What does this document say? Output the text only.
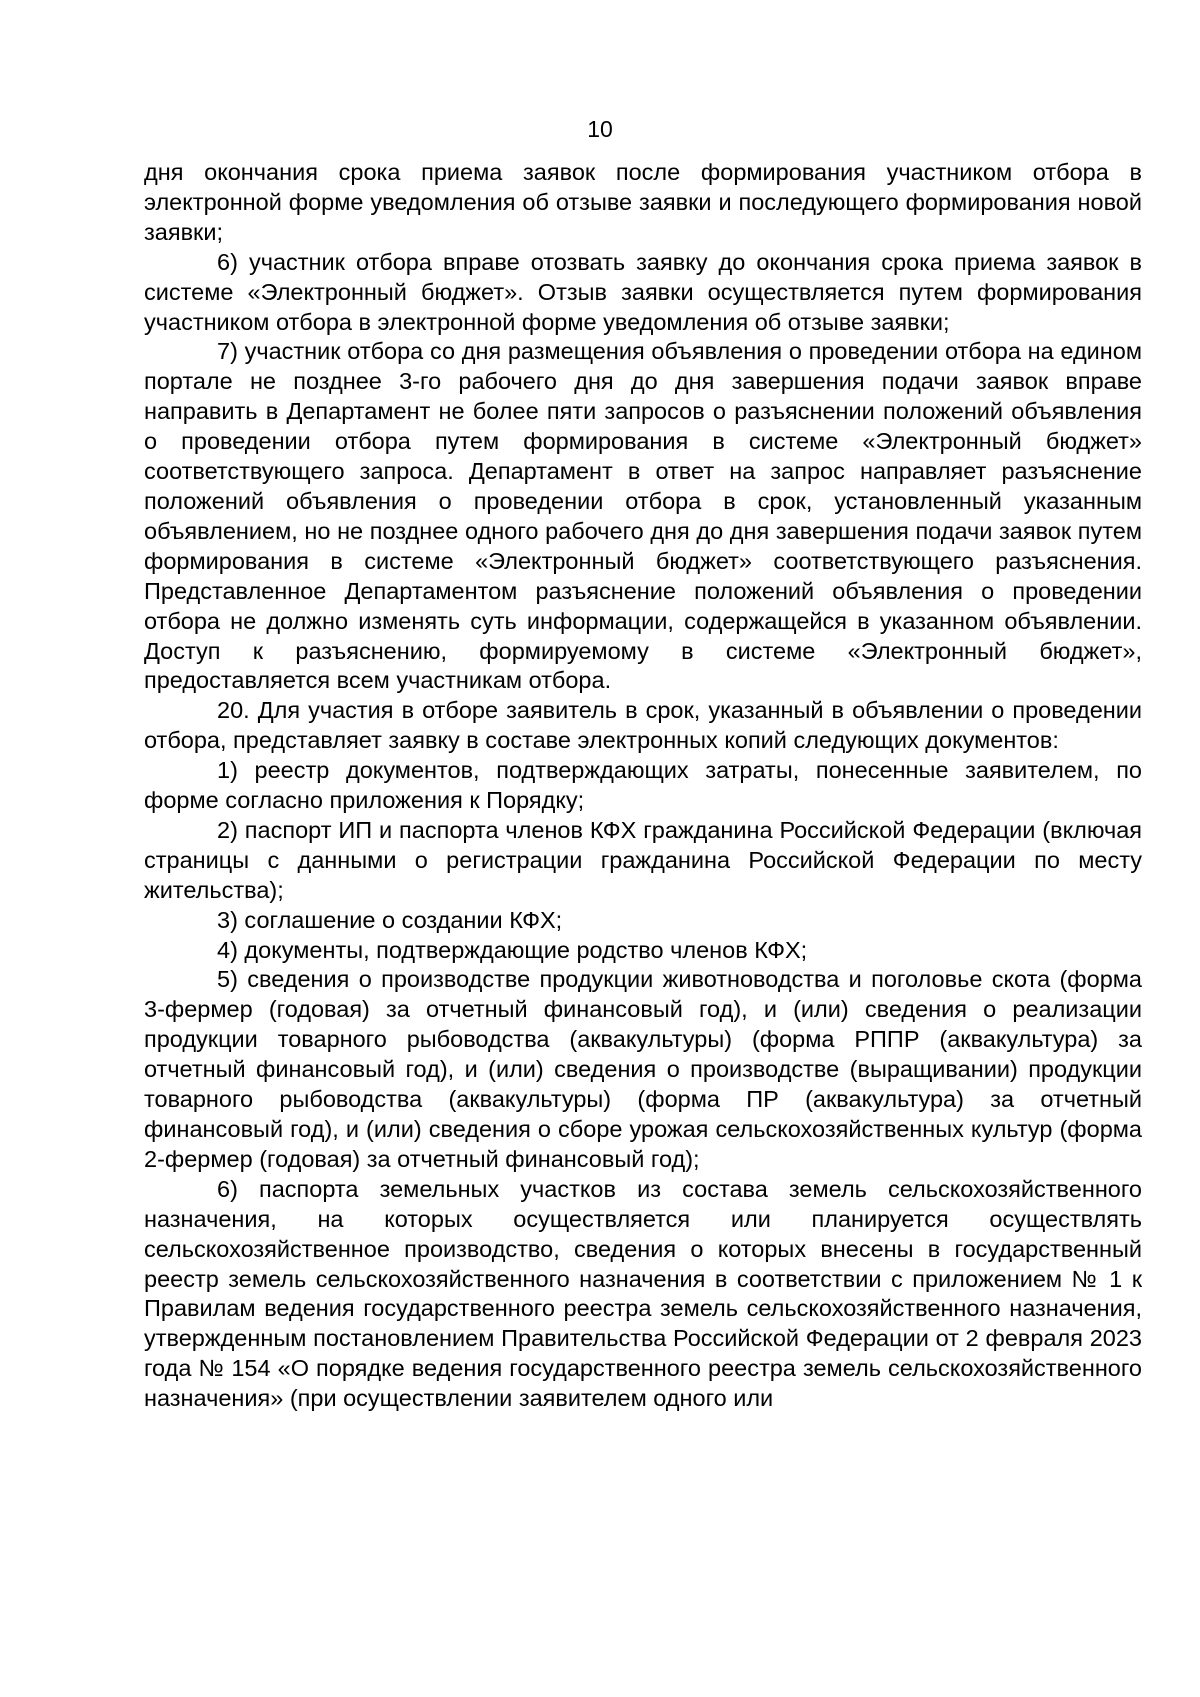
10

дня окончания срока приема заявок после формирования участником отбора в электронной форме уведомления об отзыве заявки и последующего формирования новой заявки;

6) участник отбора вправе отозвать заявку до окончания срока приема заявок в системе «Электронный бюджет». Отзыв заявки осуществляется путем формирования участником отбора в электронной форме уведомления об отзыве заявки;

7) участник отбора со дня размещения объявления о проведении отбора на едином портале не позднее 3-го рабочего дня до дня завершения подачи заявок вправе направить в Департамент не более пяти запросов о разъяснении положений объявления о проведении отбора путем формирования в системе «Электронный бюджет» соответствующего запроса. Департамент в ответ на запрос направляет разъяснение положений объявления о проведении отбора в срок, установленный указанным объявлением, но не позднее одного рабочего дня до дня завершения подачи заявок путем формирования в системе «Электронный бюджет» соответствующего разъяснения. Представленное Департаментом разъяснение положений объявления о проведении отбора не должно изменять суть информации, содержащейся в указанном объявлении. Доступ к разъяснению, формируемому в системе «Электронный бюджет», предоставляется всем участникам отбора.

20. Для участия в отборе заявитель в срок, указанный в объявлении о проведении отбора, представляет заявку в составе электронных копий следующих документов:

1) реестр документов, подтверждающих затраты, понесенные заявителем, по форме согласно приложения к Порядку;

2) паспорт ИП и паспорта членов КФХ гражданина Российской Федерации (включая страницы с данными о регистрации гражданина Российской Федерации по месту жительства);

3) соглашение о создании КФХ;

4) документы, подтверждающие родство членов КФХ;

5) сведения о производстве продукции животноводства и поголовье скота (форма 3-фермер (годовая) за отчетный финансовый год), и (или) сведения о реализации продукции товарного рыбоводства (аквакультуры) (форма РППР (аквакультура) за отчетный финансовый год), и (или) сведения о производстве (выращивании) продукции товарного рыбоводства (аквакультуры) (форма ПР (аквакультура) за отчетный финансовый год), и (или) сведения о сборе урожая сельскохозяйственных культур (форма 2-фермер (годовая) за отчетный финансовый год);

6) паспорта земельных участков из состава земель сельскохозяйственного назначения, на которых осуществляется или планируется осуществлять сельскохозяйственное производство, сведения о которых внесены в государственный реестр земель сельскохозяйственного назначения в соответствии с приложением № 1 к Правилам ведения государственного реестра земель сельскохозяйственного назначения, утвержденным постановлением Правительства Российской Федерации от 2 февраля 2023 года № 154 «О порядке ведения государственного реестра земель сельскохозяйственного назначения» (при осуществлении заявителем одного или
